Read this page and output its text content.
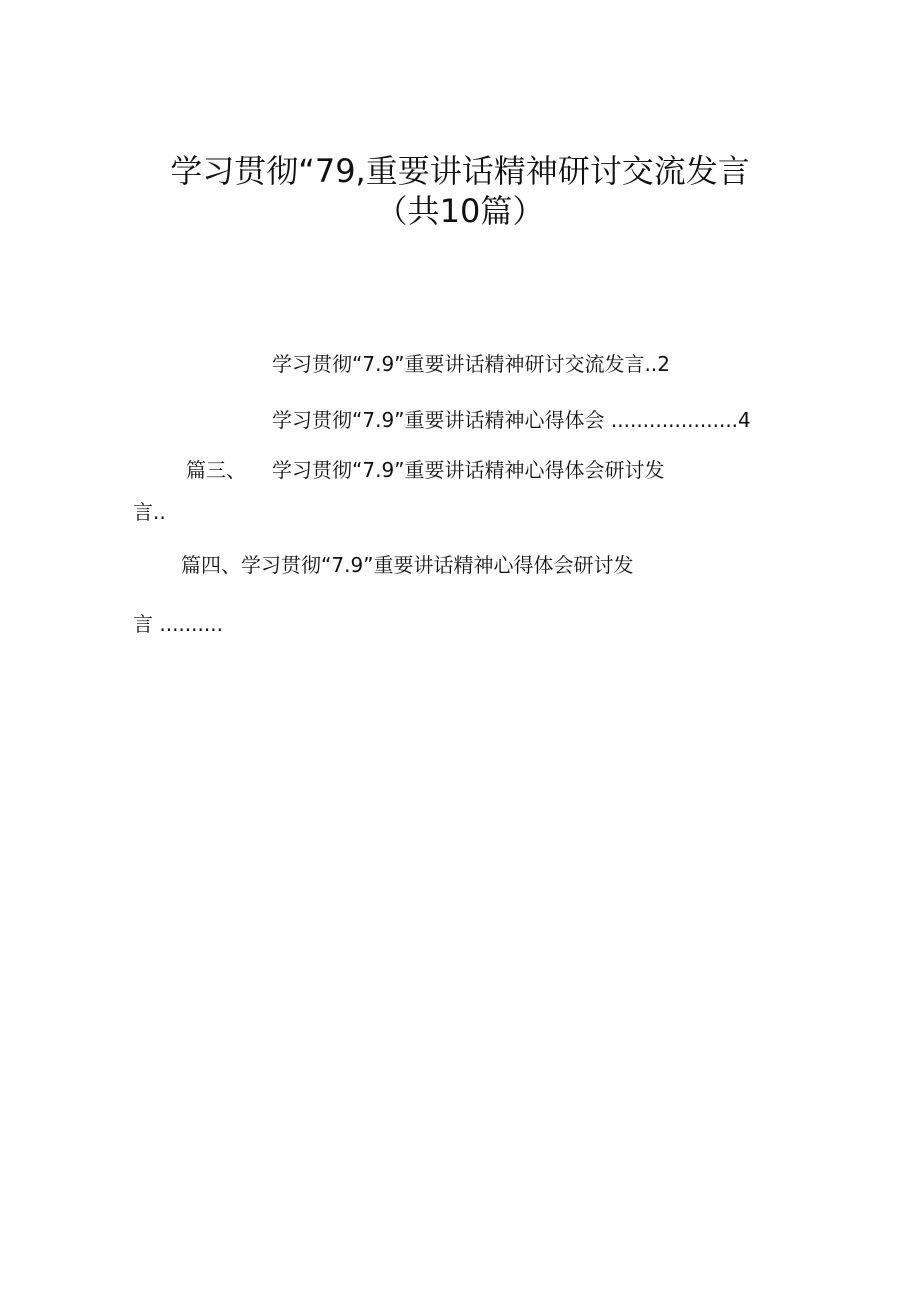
学习贯彻“79,重要讲话精神研讨交流发言
（共10篇）
学习贯彻“7.9”重要讲话精神研讨交流发言..2
学习贯彻“7.9”重要讲话精神心得体会 ....................4
篇三、 学习贯彻“7.9”重要讲话精神心得体会研讨发
言..
篇四、学习贯彻“7.9”重要讲话精神心得体会研讨发
言 ..........
